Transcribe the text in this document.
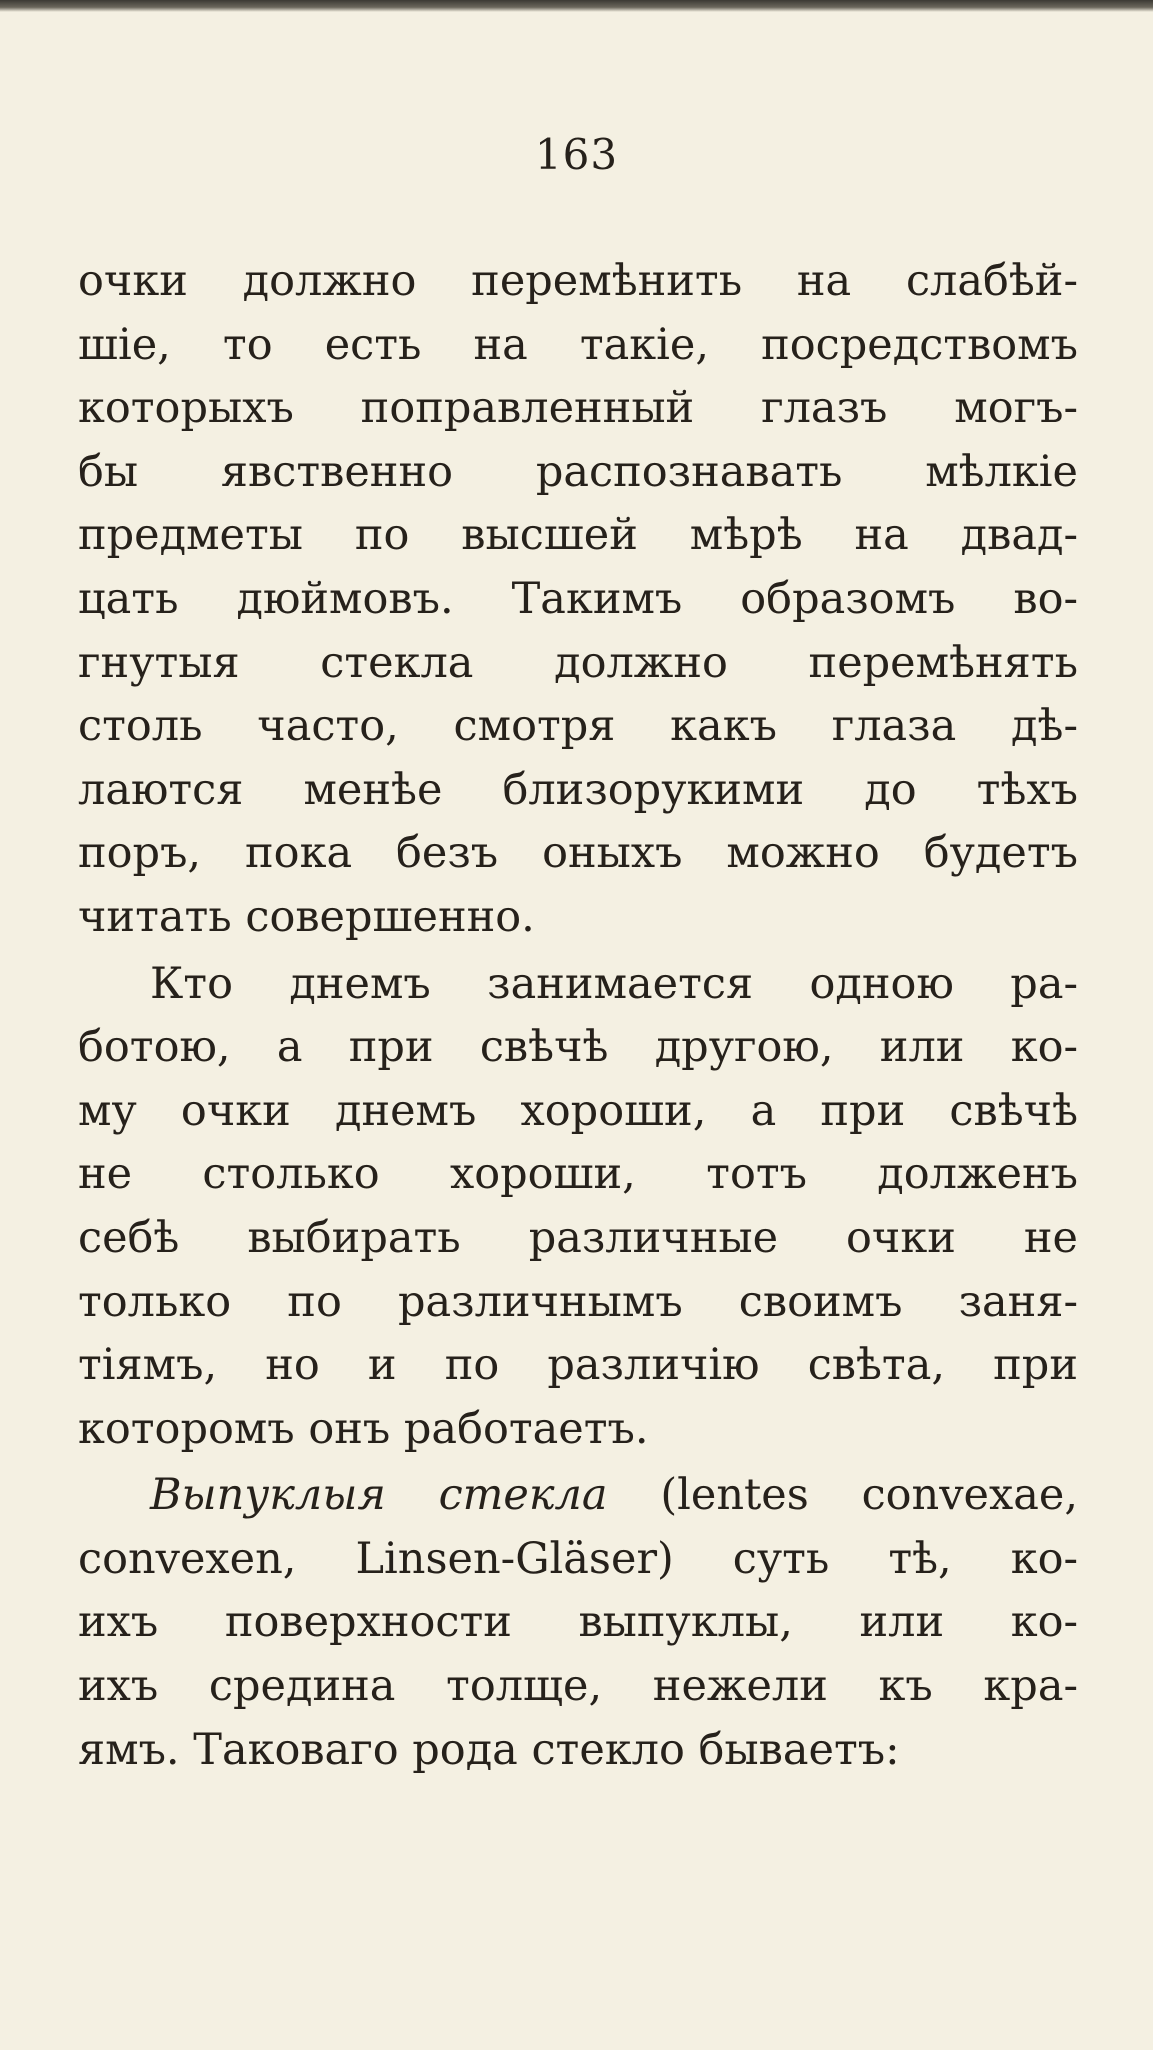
163
очки должно перемѣнить на слабѣй-
шіе, то есть на такіе, посредствомъ
которыхъ поправленный глазъ могъ-
бы явственно распознавать мѣлкіе
предметы по высшей мѣрѣ на двад-
цать дюймовъ. Такимъ образомъ во-
гнутыя стекла должно перемѣнять
столь часто, смотря какъ глаза дѣ-
лаются менѣе близорукими до тѣхъ
поръ, пока безъ оныхъ можно будетъ
читать совершенно.
Кто днемъ занимается одною ра-
ботою, а при свѣчѣ другою, или ко-
му очки днемъ хороши, а при свѣчѣ
не столько хороши, тотъ долженъ
себѣ выбирать различные очки не
только по различнымъ своимъ заня-
тіямъ, но и по различію свѣта, при
которомъ онъ работаетъ.
Выпуклыя стекла (lentes convexae,
convexen, Linsen-Gläser) суть тѣ, ко-
ихъ поверхности выпуклы, или ко-
ихъ средина толще, нежели къ кра-
ямъ. Таковаго рода стекло бываетъ:
